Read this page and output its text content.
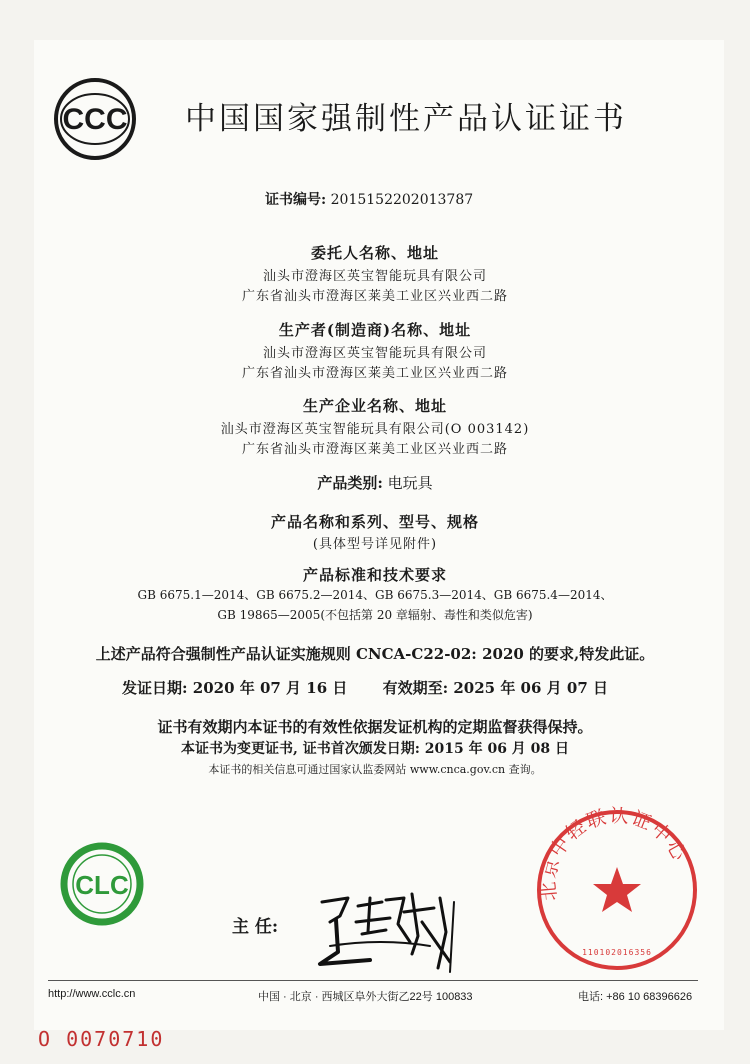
CCC 中国国家强制性产品认证证书
证书编号: 2015152202013787
委托人名称、地址
汕头市澄海区英宝智能玩具有限公司
广东省汕头市澄海区莱美工业区兴业西二路
生产者(制造商)名称、地址
汕头市澄海区英宝智能玩具有限公司
广东省汕头市澄海区莱美工业区兴业西二路
生产企业名称、地址
汕头市澄海区英宝智能玩具有限公司(O 003142)
广东省汕头市澄海区莱美工业区兴业西二路
产品类别: 电玩具
产品名称和系列、型号、规格
(具体型号详见附件)
产品标准和技术要求
GB 6675.1—2014、GB 6675.2—2014、GB 6675.3—2014、GB 6675.4—2014、
GB 19865—2005(不包括第 20 章辐射、毒性和类似危害)
上述产品符合强制性产品认证实施规则 CNCA-C22-02: 2020 的要求,特发此证。
发证日期: 2020 年 07 月 16 日 有效期至: 2025 年 06 月 07 日
证书有效期内本证书的有效性依据发证机构的定期监督获得保持。
本证书为变更证书, 证书首次颁发日期: 2015 年 06 月 08 日
本证书的相关信息可通过国家认监委网站 www.cnca.gov.cn 查询。
CLC
主 任:
北京中轻联认证中心
110102016356
http://www.cclc.cn	中国 · 北京 · 西城区阜外大街乙22号 100833	电话: +86 10 68396626
O 0070710
